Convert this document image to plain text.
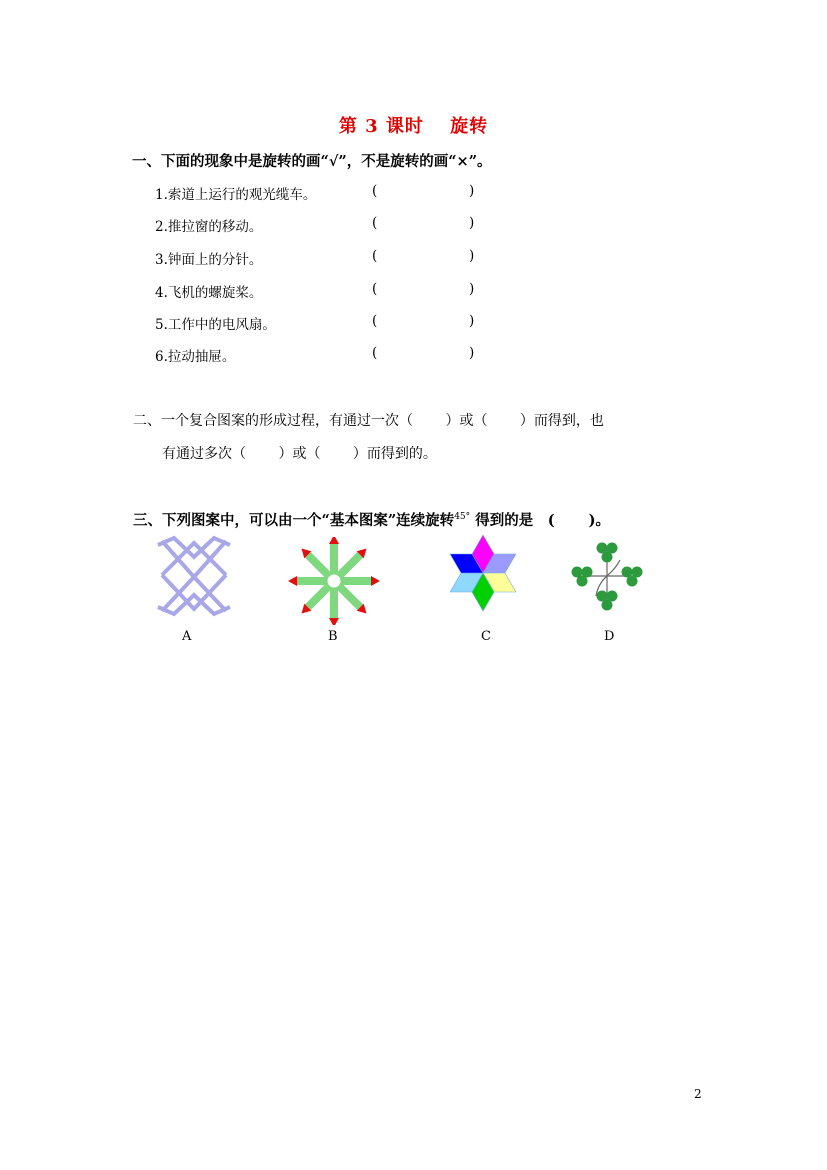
第 3 课时　 旋转
一、下面的现象中是旋转的画“√”，不是旋转的画“×”。
1.索道上运行的观光缆车。	(	)
2.推拉窗的移动。	(	)
3.钟面上的分针。	(	)
4.飞机的螺旋桨。	(	)
5.工作中的电风扇。	(	)
6.拉动抽屉。	(	)
二、一个复合图案的形成过程，有通过一次（　　 ）或（　　 ）而得到，也
有通过多次（　　 ）或（　　 ）而得到的。
三、下列图案中，可以由一个“基本图案”连续旋转$^{45^\circ}$ 得到的是　(　　 )。
A	B	C	D
2
